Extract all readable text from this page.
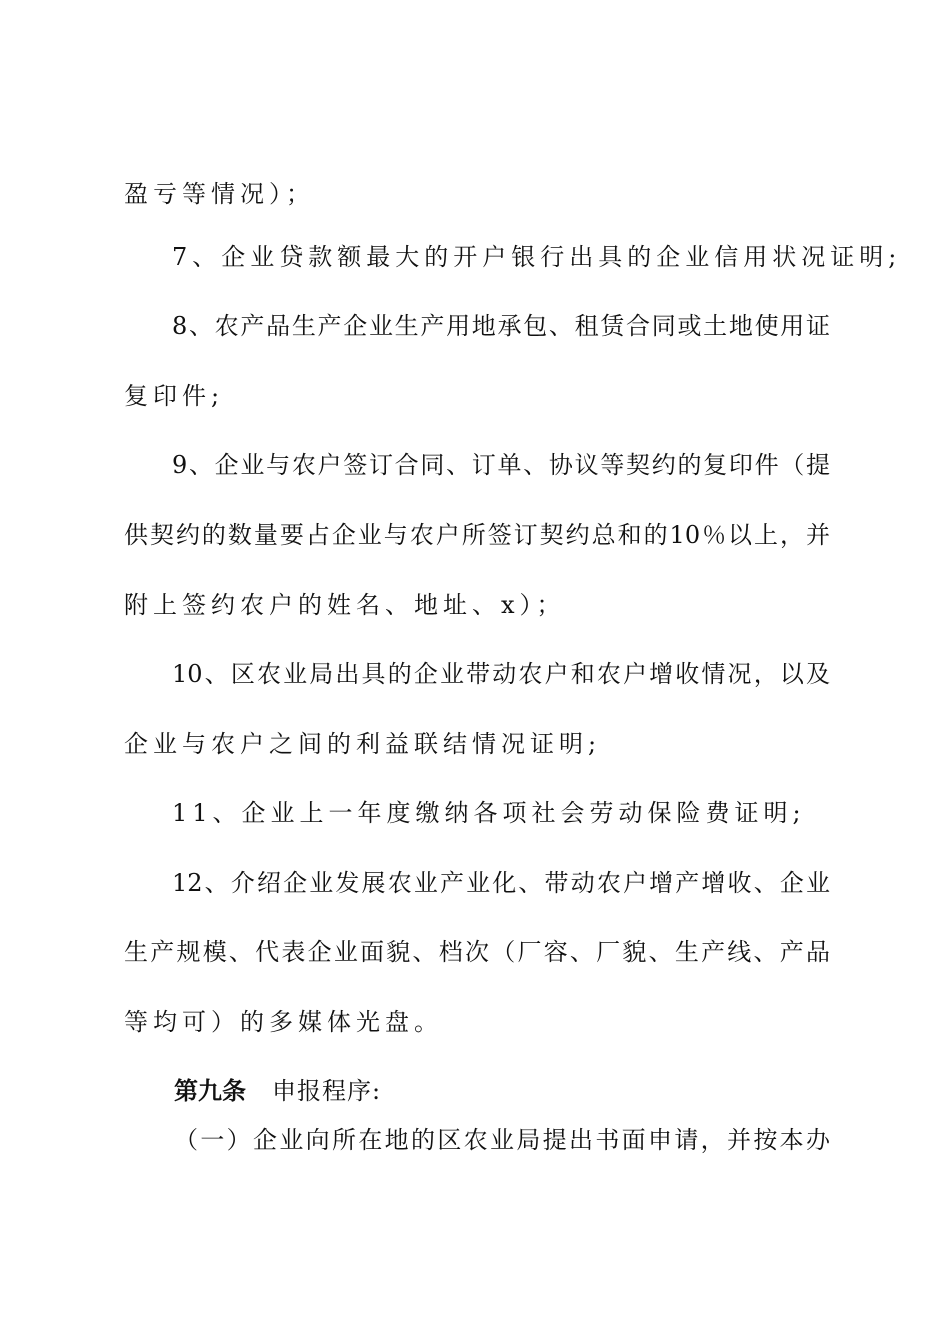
盈亏等情况）；
7、企业贷款额最大的开户银行出具的企业信用状况证明;
8、农产品生产企业生产用地承包、租赁合同或土地使用证
复印件;
9、企业与农户签订合同、订单、协议等契约的复印件（提
供契约的数量要占企业与农户所签订契约总和的10％以上，并
附上签约农户的姓名、地址、x）；
10、区农业局出具的企业带动农户和农户增收情况，以及
企业与农户之间的利益联结情况证明;
11、企业上一年度缴纳各项社会劳动保险费证明;
12、介绍企业发展农业产业化、带动农户增产增收、企业
生产规模、代表企业面貌、档次（厂容、厂貌、生产线、产品
等均可）的多媒体光盘。
第九条 申报程序:
（一）企业向所在地的区农业局提出书面申请，并按本办
